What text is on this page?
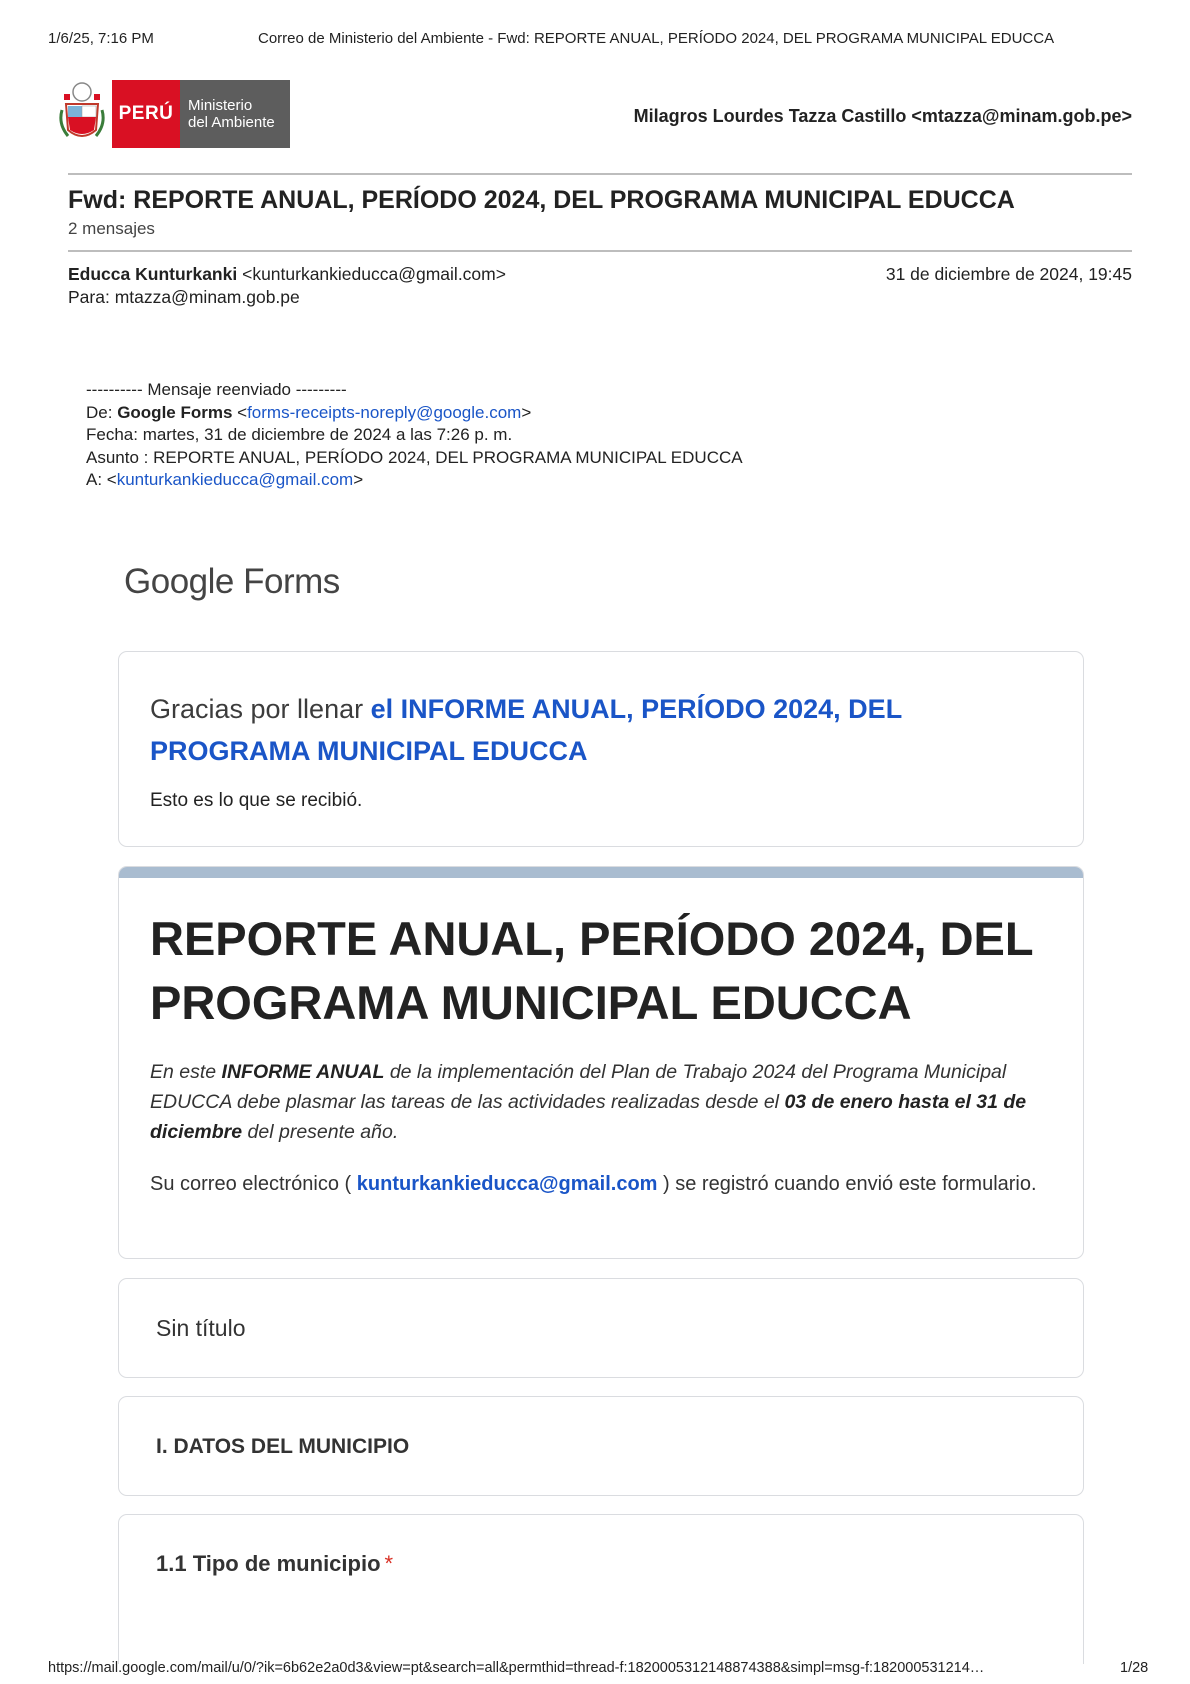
1/6/25, 7:16 PM	Correo de Ministerio del Ambiente - Fwd: REPORTE ANUAL, PERÍODO 2024, DEL PROGRAMA MUNICIPAL EDUCCA
PERÚ Ministerio
del Ambiente	Milagros Lourdes Tazza Castillo <mtazza@minam.gob.pe>
Fwd: REPORTE ANUAL, PERÍODO 2024, DEL PROGRAMA MUNICIPAL EDUCCA
2 mensajes
Educca Kunturkanki <kunturkankieducca@gmail.com>	31 de diciembre de 2024, 19:45
Para: mtazza@minam.gob.pe
---------- Mensaje reenviado ---------
De: Google Forms <forms-receipts-noreply@google.com>
Fecha: martes, 31 de diciembre de 2024 a las 7:26 p. m.
Asunto : REPORTE ANUAL, PERÍODO 2024, DEL PROGRAMA MUNICIPAL EDUCCA
A: <kunturkankieducca@gmail.com>
Google Forms
Gracias por llenar el INFORME ANUAL, PERÍODO 2024, DEL PROGRAMA MUNICIPAL EDUCCA
Esto es lo que se recibió.
REPORTE ANUAL, PERÍODO 2024, DEL PROGRAMA MUNICIPAL EDUCCA
En este INFORME ANUAL de la implementación del Plan de Trabajo 2024 del Programa Municipal EDUCCA debe plasmar las tareas de las actividades realizadas desde el 03 de enero hasta el 31 de diciembre del presente año.
Su correo electrónico ( kunturkankieducca@gmail.com ) se registró cuando envió este formulario.
Sin título
I. DATOS DEL MUNICIPIO
1.1 Tipo de municipio *
https://mail.google.com/mail/u/0/?ik=6b62e2a0d3&view=pt&search=all&permthid=thread-f:1820005312148874388&simpl=msg-f:182000531214…	1/28
